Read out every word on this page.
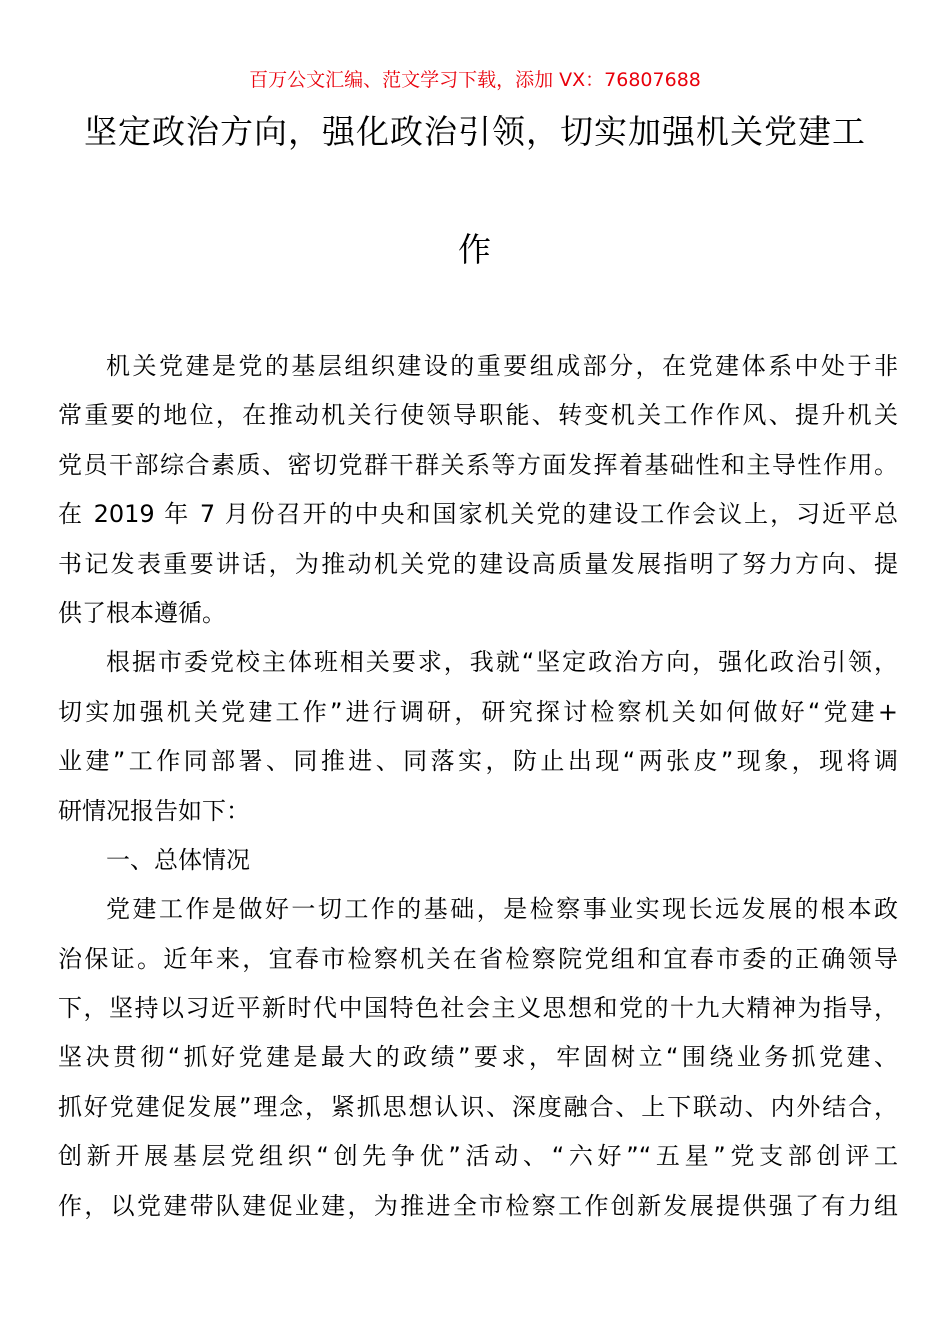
百万公文汇编、范文学习下载，添加 VX：76807688
坚定政治方向，强化政治引领，切实加强机关党建工
作
机关党建是党的基层组织建设的重要组成部分，在党建体系中处于非
常重要的地位，在推动机关行使领导职能、转变机关工作作风、提升机关
党员干部综合素质、密切党群干群关系等方面发挥着基础性和主导性作用。
在 2019 年 7 月份召开的中央和国家机关党的建设工作会议上，习近平总
书记发表重要讲话，为推动机关党的建设高质量发展指明了努力方向、提
供了根本遵循。
根据市委党校主体班相关要求，我就“坚定政治方向，强化政治引领，
切实加强机关党建工作”进行调研，研究探讨检察机关如何做好“党建+
业建”工作同部署、同推进、同落实，防止出现“两张皮”现象，现将调
研情况报告如下：
一、总体情况
党建工作是做好一切工作的基础，是检察事业实现长远发展的根本政
治保证。近年来，宜春市检察机关在省检察院党组和宜春市委的正确领导
下，坚持以习近平新时代中国特色社会主义思想和党的十九大精神为指导，
坚决贯彻“抓好党建是最大的政绩”要求，牢固树立“围绕业务抓党建、
抓好党建促发展”理念，紧抓思想认识、深度融合、上下联动、内外结合，
创新开展基层党组织“创先争优”活动、“六好”“五星”党支部创评工
作，以党建带队建促业建，为推进全市检察工作创新发展提供强了有力组
